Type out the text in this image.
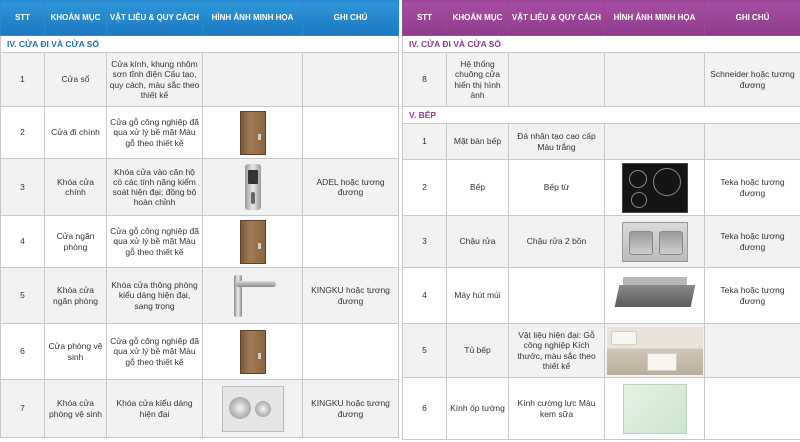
STT	KHOẢN MỤC	VẬT LIỆU & QUY CÁCH	HÌNH ẢNH MINH HỌA	GHI CHÚ
IV. CỬA ĐI VÀ CỬA SỔ				
1	Cửa sổ	Cửa kính, khung nhôm sơn tĩnh điện Cấu tạo, quy cách, màu sắc theo thiết kế		
2	Cửa đi chính	Cửa gỗ công nghiệp đã qua xử lý bề mặt Màu gỗ theo thiết kế	

3	Khóa cửa chính	Khóa cửa vào căn hộ có các tính năng kiểm soát hiện đại; đồng bộ hoàn chỉnh		ADEL hoặc tương đương
4	Cửa ngăn phòng	Cửa gỗ công nghiệp đã qua xử lý bề mặt Màu gỗ theo thiết kế	

5	Khóa cửa ngăn phòng	Khóa cửa thông phòng kiểu dáng hiện đại, sang trọng		KINGKU hoặc tương đương
6	Cửa phòng vệ sinh	Cửa gỗ công nghiệp đã qua xử lý bề mặt Màu gỗ theo thiết kế	

7	Khóa cửa phòng vệ sinh	Khóa cửa kiểu dáng hiện đại		KINGKU hoặc tương đương
STT	KHOẢN MỤC	VẬT LIỆU & QUY CÁCH	HÌNH ẢNH MINH HỌA	GHI CHÚ
IV. CỬA ĐI VÀ CỬA SỔ				
8	Hệ thống chuông cửa hiển thị hình ảnh			Schneider hoặc tương đương
V. BẾP				
1	Mặt bàn bếp	Đá nhân tạo cao cấp Màu trắng		
2	Bếp	Bếp từ		Teka hoặc tương đương
3	Chậu rửa	Chậu rửa 2 bồn		Teka hoặc tương đương
4	Máy hút mùi			Teka hoặc tương đương
5	Tủ bếp	Vật liệu hiện đại: Gỗ công nghiệp Kích thước, màu sắc theo thiết kế	

6	Kính ốp tường	Kính cường lực Màu kem sữa	
